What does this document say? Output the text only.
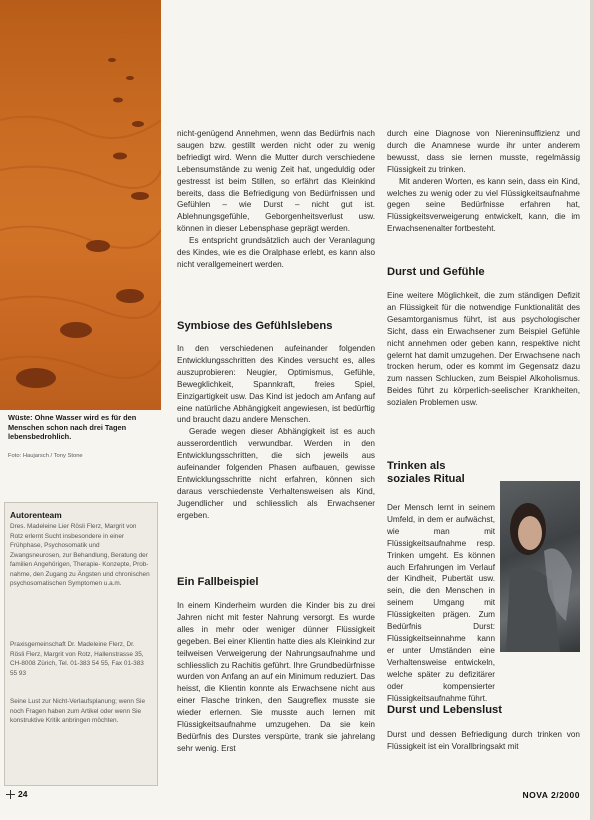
Wüste: Ohne Wasser wird es für den Menschen schon nach drei Tagen lebensbedrohlich.

Foto: Haujarsch / Tony Stone
Autorenteam

Dres. Madeleine Lier Rösli Flerz, Margrit von Rotz erlernt Sucht insbesondere in einer Frühphase, Psychosomatik und Zwangsneurosen, zur Behandlung, Beratung der familien Angehörigen, Therapie- Konzepte, Prob- nahme, den Zugang zu Ängsten und chronischen psychosomatischen Symptomen u.a.m.

Praxisgemeinschaft Dr. Madeleine Flerz, Dr. Rösli Flerz, Margrit von Rotz, Hallenstrasse 35, CH-8008 Zürich, Tel. 01-383 54 55, Fax 01-383 55 93

Seine Lust zur Nicht-Verlaufsplanung; wenn Sie noch Fragen haben zum Artikel oder wenn Sie konstruktive Kritik anbringen möchten.

nicht-genügend Annehmen, wenn das Bedürfnis nach saugen bzw. gestillt werden nicht oder zu wenig befriedigt wird. Wenn die Mutter durch verschiedene Lebensumstände zu wenig Zeit hat, ungeduldig oder gestresst ist beim Stillen, so erfährt das Kleinkind bereits, dass die Befriedigung von Bedürfnissen und Gefühlen – wie Durst – nicht gut ist. Ablehnungsgefühle, Geborgenheitsverlust usw. können in dieser Lebensphase geprägt werden.

Es entspricht grundsätzlich auch der Veranlagung des Kindes, wie es die Oralphase erlebt, es kann also nicht verallgemeinert werden.

Symbiose des Gefühlslebens

In den verschiedenen aufeinander folgenden Entwicklungsschritten des Kindes versucht es, alles auszuprobieren: Neugier, Optimismus, Gefühle, Bewegklichkeit, Spannkraft, freies Spiel, Einzigartigkeit usw. Das Kind ist jedoch am Anfang auf eine natürliche Abhängigkeit angewiesen, ist bedürftig und braucht dazu andere Menschen.

Gerade wegen dieser Abhängigkeit ist es auch ausserordentlich verwundbar. Werden in den Entwicklungsschritten, die sich jeweils aus aufeinander folgenden Phasen aufbauen, gewisse Entwicklungsschritte nicht erfahren, können sich daraus verschiedenste Verhaltensweisen als Kind, Jugendlicher und schliesslich als Erwachsener ergeben.

Ein Fallbeispiel

In einem Kinderheim wurden die Kinder bis zu drei Jahren nicht mit fester Nahrung versorgt. Es wurde alles in mehr oder weniger dünner Flüssigkeit gegeben. Bei einer Klientin hatte dies als Kleinkind zur teilweisen Verweigerung der Nahrungsaufnahme und schliesslich zu Rachitis geführt. Ihre Grundbedürfnisse wurden von Anfang an auf ein Minimum reduziert. Das heisst, die Klientin konnte als Erwachsene nicht aus einer Flasche trinken, den Saugreflex musste sie wieder erlernen. Sie musste auch lernen mit Flüssigkeitsaufnahme umzugehen. Da sie kein Bedürfnis des Durstes verspürte, trank sie jahrelang sehr wenig. Erst

durch eine Diagnose von Niereninsuffizienz und durch die Anamnese wurde ihr unter anderem bewusst, dass sie lernen musste, regelmässig Flüssigkeit zu trinken.

Mit anderen Worten, es kann sein, dass ein Kind, welches zu wenig oder zu viel Flüssigkeitsaufnahme gegen seine Bedürfnisse erfahren hat, Flüssigkeitsverweigerung entwickelt, kann, die im Erwachsenenalter fortbesteht.

Durst und Gefühle

Eine weitere Möglichkeit, die zum ständigen Defizit an Flüssigkeit für die notwendige Funktionalität des Gesamtorganismus führt, ist aus psychologischer Sicht, dass ein Erwachsener zum Beispiel Gefühle nicht annehmen oder geben kann, respektive nicht gelernt hat damit umzugehen. Der Erwachsene nach trocken herum, oder es kommt im Gegensatz dazu zum nassen Schlucken, zum Beispiel Alkoholismus. Beides führt zu körperlich-seelischer Krankheiten, sozialen Problemen usw.

Trinken als soziales Ritual

Der Mensch lernt in seinem Umfeld, in dem er aufwächst, wie man mit Flüssigkeitsaufnahme resp. Trinken umgeht. Es können auch Erfahrungen im Verlauf der Kindheit, Pubertät usw. sein, die den Menschen in seinem Umgang mit Flüssigkeiten prägen. Zum Bedürfnis Durst: Flüssigkeitseinnahme kann er unter Umständen eine Verhaltensweise entwickeln, welche später zu defizitärer oder kompensierter Flüssigkeitsaufnahme führt.

Durst und Lebenslust

Durst und dessen Befriedigung durch trinken von Flüssigkeit ist ein Vorallbringsakt mit

24	NOVA 2/2000
